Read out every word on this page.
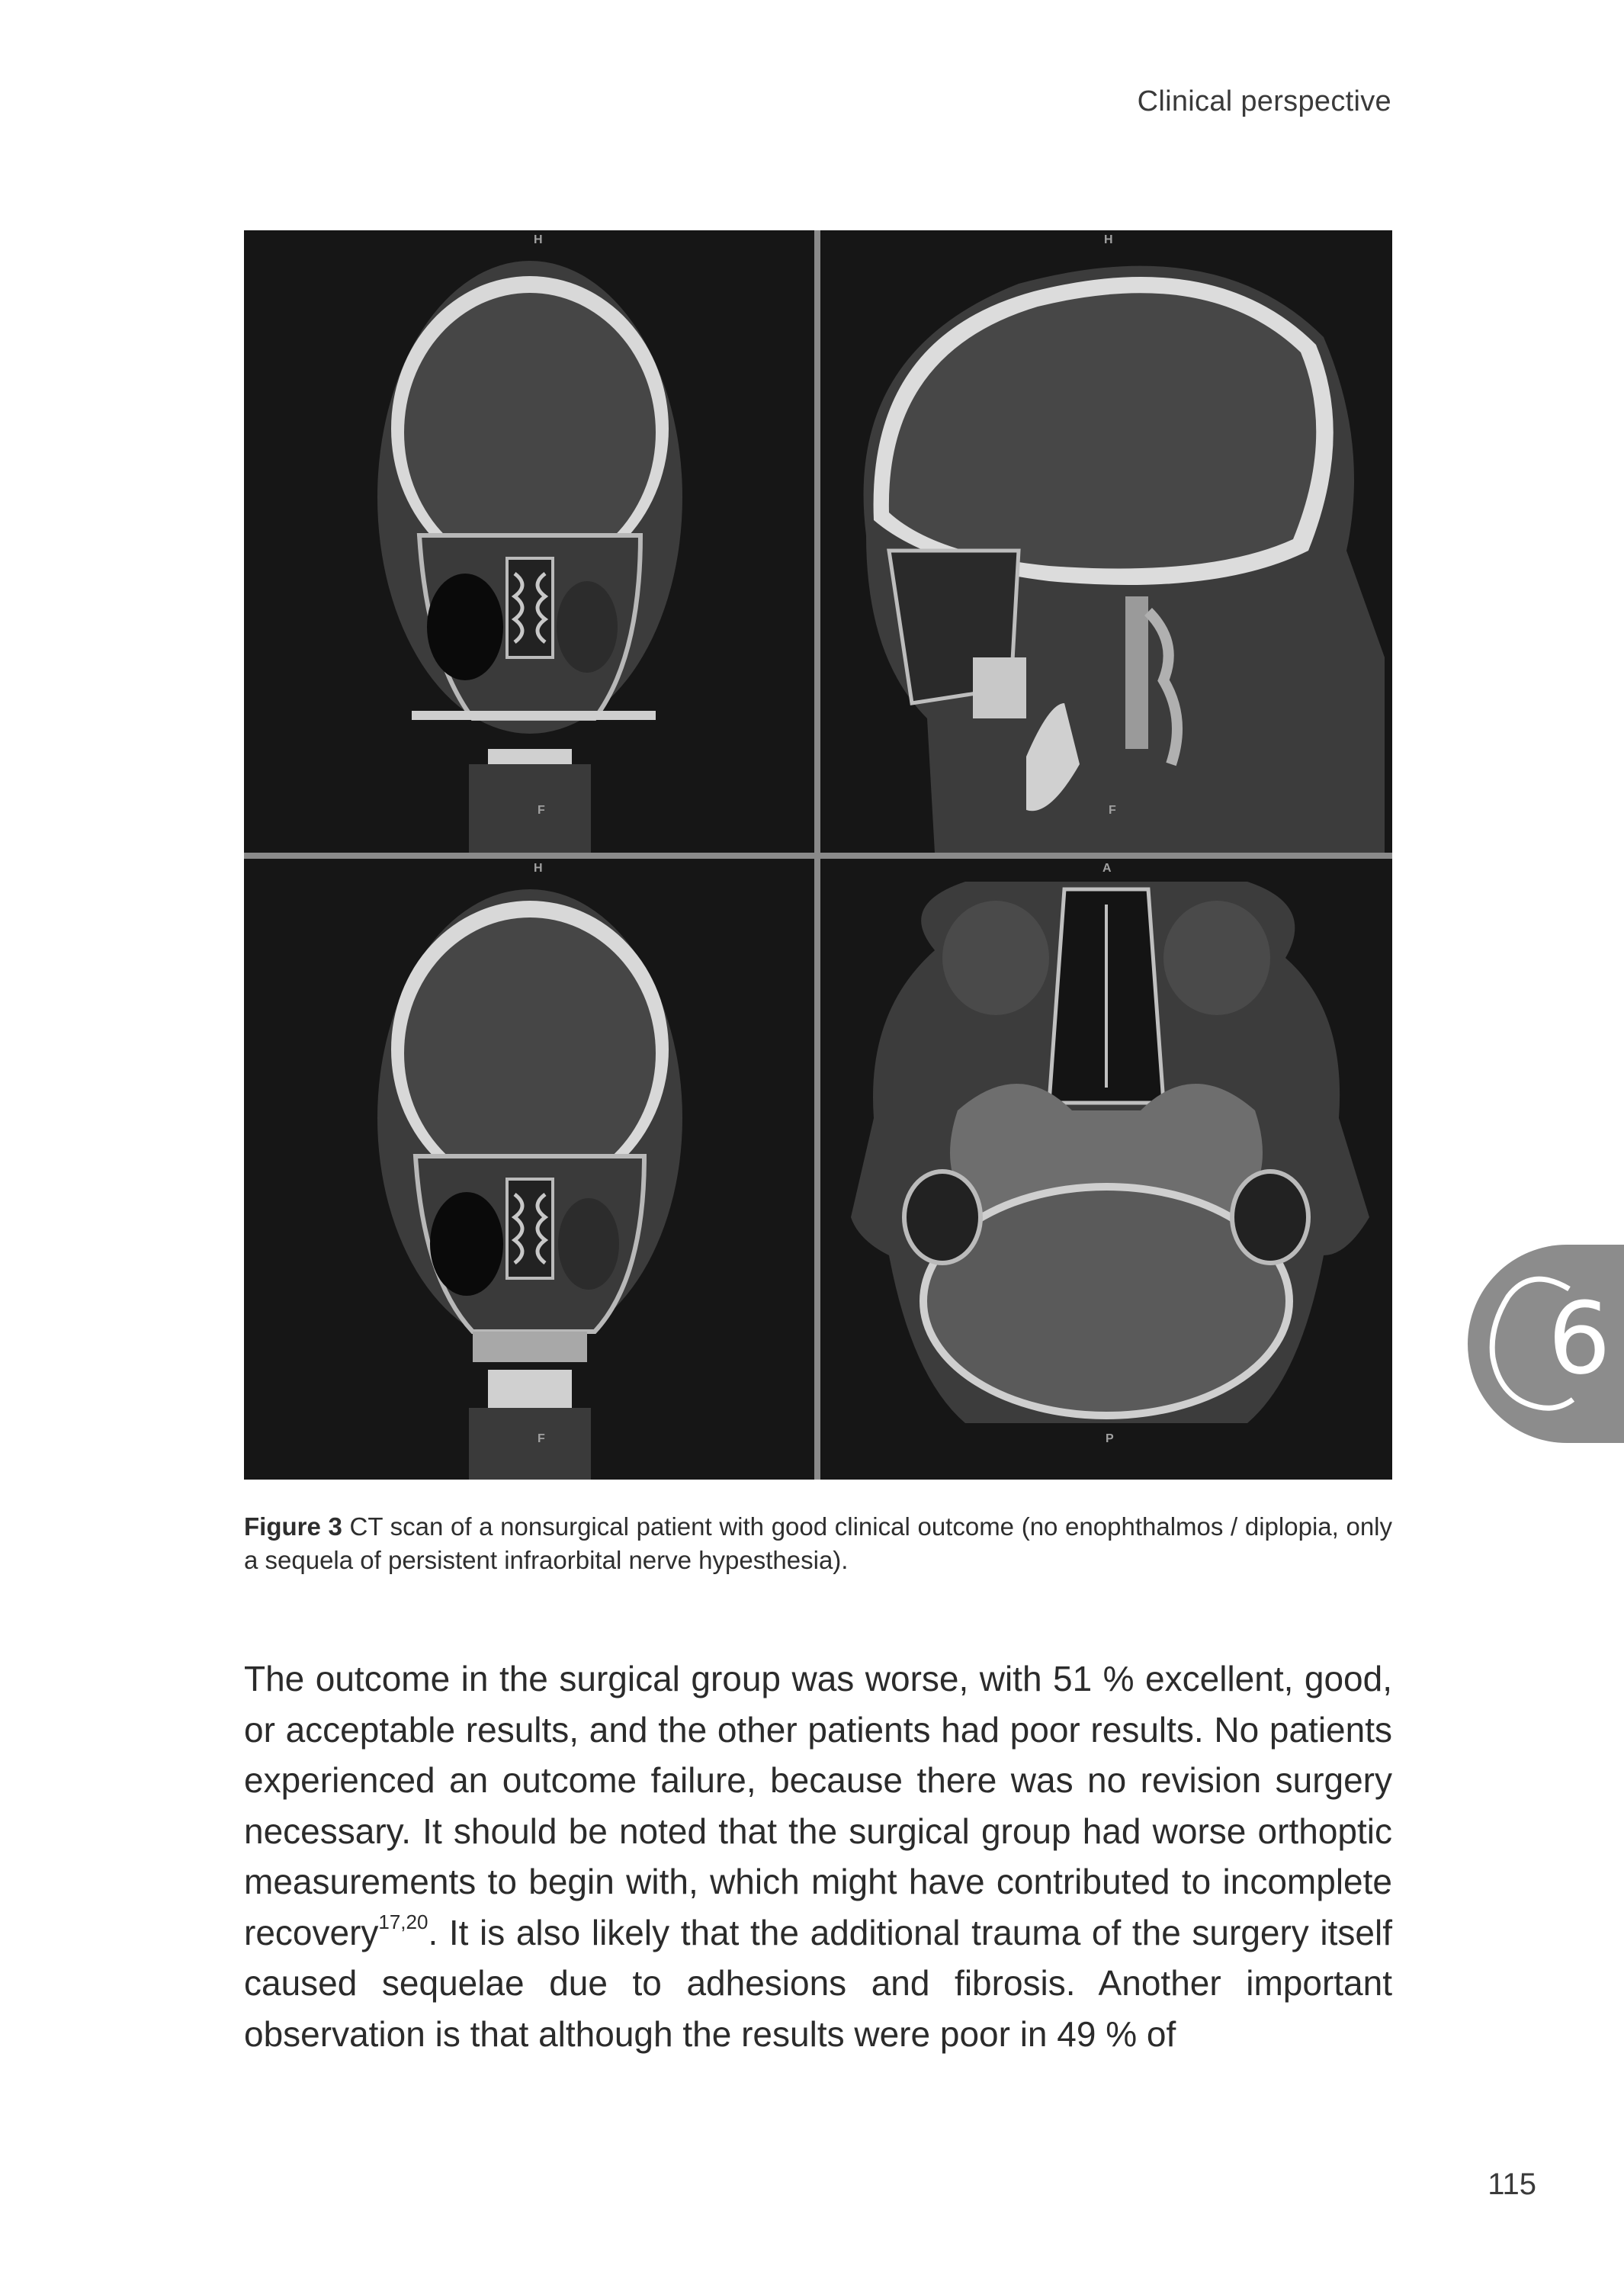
Clinical perspective
H
F
H
F
H
F
A
P
Figure 3 CT scan of a nonsurgical patient with good clinical outcome (no enophthalmos / diplopia, only a sequela of persistent infraorbital nerve hypesthesia).
The outcome in the surgical group was worse, with 51 % excellent, good, or acceptable results, and the other patients had poor results. No patients experienced an outcome failure, because there was no revision surgery necessary. It should be noted that the surgical group had worse orthoptic measurements to begin with, which might have contributed to incomplete recovery$^{17,20}$. It is also likely that the additional trauma of the surgery itself caused sequelae due to adhesions and fibrosis. Another important observation is that although the results were poor in 49 % of
6
115
